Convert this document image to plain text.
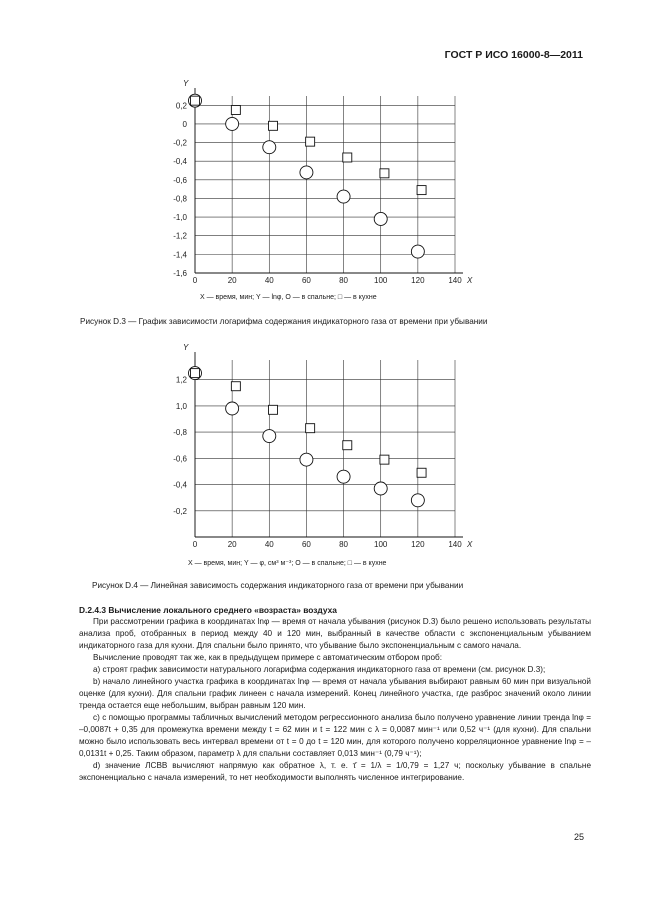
ГОСТ Р ИСО 16000-8—2011
0	20	40	60	80	100	120	140
0,2
0
-0,2
-0,4
-0,6
-0,8
-1,0
-1,2
-1,4
-1,6
Y
X
X — время, мин; Y — lnφ, O — в спальне; □ — в кухне
Рисунок D.3 — График зависимости логарифма содержания индикаторного газа от времени при убывании
0	20	40	60	80	100	120	140
1,2
1,0
-0,8
-0,6
-0,4
-0,2
Y
X
X — время, мин; Y — φ, см³ м⁻³; O — в спальне; □ — в кухне
Рисунок D.4 — Линейная зависимость содержания индикаторного газа от времени при убывании
D.2.4.3 Вычисление локального среднего «возраста» воздуха

При рассмотрении графика в координатах lnφ — время от начала убывания (рисунок D.3) было решено использовать результаты анализа проб, отобранных в период между 40 и 120 мин, выбранный в качестве области с экспоненциальным убыванием индикаторного газа для кухни. Для спальни было принято, что убывание было экспоненциальным с самого начала.

Вычисление проводят так же, как в предыдущем примере с автоматическим отбором проб:

a) строят график зависимости натурального логарифма содержания индикаторного газа от времени (см. рисунок D.3);

b) начало линейного участка графика в координатах lnφ — время от начала убывания выбирают равным 60 мин при визуальной оценке (для кухни). Для спальни график линеен с начала измерений. Конец линейного участка, где разброс значений около линии тренда остается еще небольшим, выбран равным 120 мин.

c) с помощью программы табличных вычислений методом регрессионного анализа было получено уравнение линии тренда lnφ = –0,0087t + 0,35 для промежутка времени между t = 62 мин и t = 122 мин с λ = 0,0087 мин⁻¹ или 0,52 ч⁻¹ (для кухни). Для спальни можно было использовать весь интервал времени от t = 0 до t = 120 мин, для которого получено корреляционное уравнение lnφ = –0,0131t + 0,25. Таким образом, параметр λ для спальни составляет 0,013 мин⁻¹ (0,79 ч⁻¹);

d) значение ЛСВВ вычисляют напрямую как обратное λ, т. е. τ̄ = 1/λ = 1/0,79 = 1,27 ч; поскольку убывание в спальне экспоненциально с начала измерений, то нет необходимости выполнять численное интегрирование.

25
